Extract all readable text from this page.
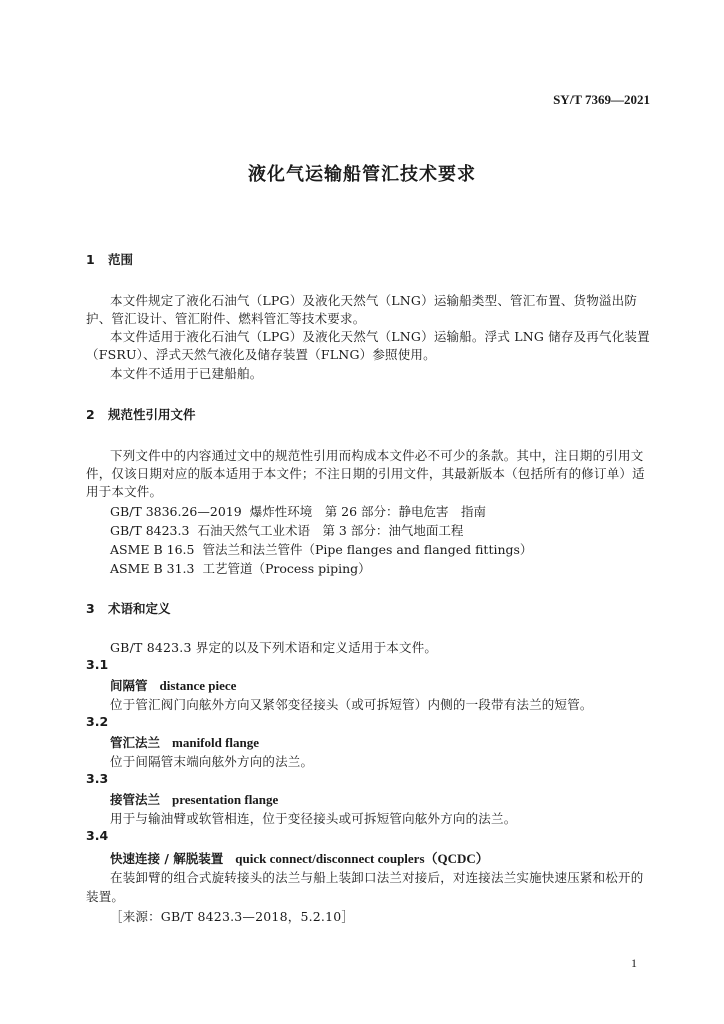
SY/T 7369—2021
液化气运输船管汇技术要求
1 范围
本文件规定了液化石油气（LPG）及液化天然气（LNG）运输船类型、管汇布置、货物溢出防
护、管汇设计、管汇附件、燃料管汇等技术要求。
本文件适用于液化石油气（LPG）及液化天然气（LNG）运输船。浮式 LNG 储存及再气化装置
（FSRU）、浮式天然气液化及储存装置（FLNG）参照使用。
本文件不适用于已建船舶。
2 规范性引用文件
下列文件中的内容通过文中的规范性引用而构成本文件必不可少的条款。其中，注日期的引用文
件，仅该日期对应的版本适用于本文件；不注日期的引用文件，其最新版本（包括所有的修订单）适
用于本文件。
GB/T 3836.26—2019 爆炸性环境　第 26 部分：静电危害　指南
GB/T 8423.3 石油天然气工业术语　第 3 部分：油气地面工程
ASME B 16.5 管法兰和法兰管件（Pipe flanges and flanged fittings）
ASME B 31.3 工艺管道（Process piping）
3 术语和定义
GB/T 8423.3 界定的以及下列术语和定义适用于本文件。
3.1
间隔管 distance piece
位于管汇阀门向舷外方向又紧邻变径接头（或可拆短管）内侧的一段带有法兰的短管。
3.2
管汇法兰 manifold flange
位于间隔管末端向舷外方向的法兰。
3.3
接管法兰 presentation flange
用于与输油臂或软管相连，位于变径接头或可拆短管向舷外方向的法兰。
3.4
快速连接 / 解脱装置 quick connect/disconnect couplers（QCDC）
在装卸臂的组合式旋转接头的法兰与船上装卸口法兰对接后，对连接法兰实施快速压紧和松开的
装置。
［来源：GB/T 8423.3—2018，5.2.10］
1
